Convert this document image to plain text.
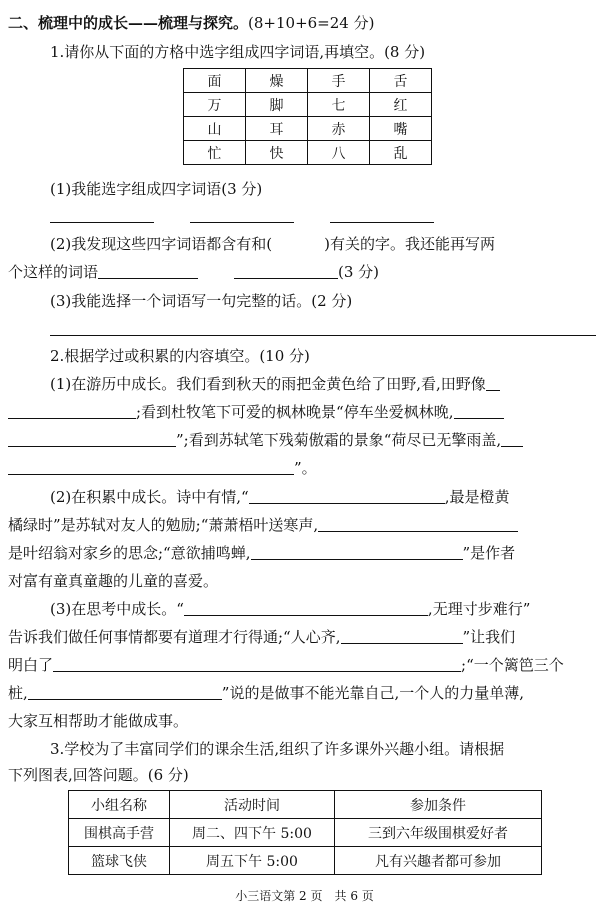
二、梳理中的成长——梳理与探究。(8+10+6=24 分)
1.请你从下面的方格中选字组成四字词语,再填空。(8 分)
面	燥	手	舌
万	脚	七	红
山	耳	赤	嘴
忙	快	八	乱
(1)我能选字组成四字词语(3 分)
(2)我发现这些四字词语都含有和(	)有关的字。我还能再写两
个这样的词语	(3 分)
(3)我能选择一个词语写一句完整的话。(2 分)
2.根据学过或积累的内容填空。(10 分)
(1)在游历中成长。我们看到秋天的雨把金黄色给了田野,看,田野像
;看到杜牧笔下可爱的枫林晚景“停车坐爱枫林晚,
”;看到苏轼笔下残菊傲霜的景象“荷尽已无擎雨盖,
”。
(2)在积累中成长。诗中有情,“	,最是橙黄
橘绿时”是苏轼对友人的勉励;“萧萧梧叶送寒声,
是叶绍翁对家乡的思念;“意欲捕鸣蝉,	”是作者
对富有童真童趣的儿童的喜爱。
(3)在思考中成长。“	,无理寸步难行”
告诉我们做任何事情都要有道理才行得通;“人心齐,	”让我们
明白了	;“一个篱笆三个
桩,	”说的是做事不能光靠自己,一个人的力量单薄,
大家互相帮助才能做成事。
3.学校为了丰富同学们的课余生活,组织了许多课外兴趣小组。请根据
下列图表,回答问题。(6 分)
小组名称	活动时间	参加条件
围棋高手营	周二、四下午 5:00	三到六年级围棋爱好者
篮球飞侠	周五下午 5:00	凡有兴趣者都可参加
小三语文第 2 页　共 6 页
